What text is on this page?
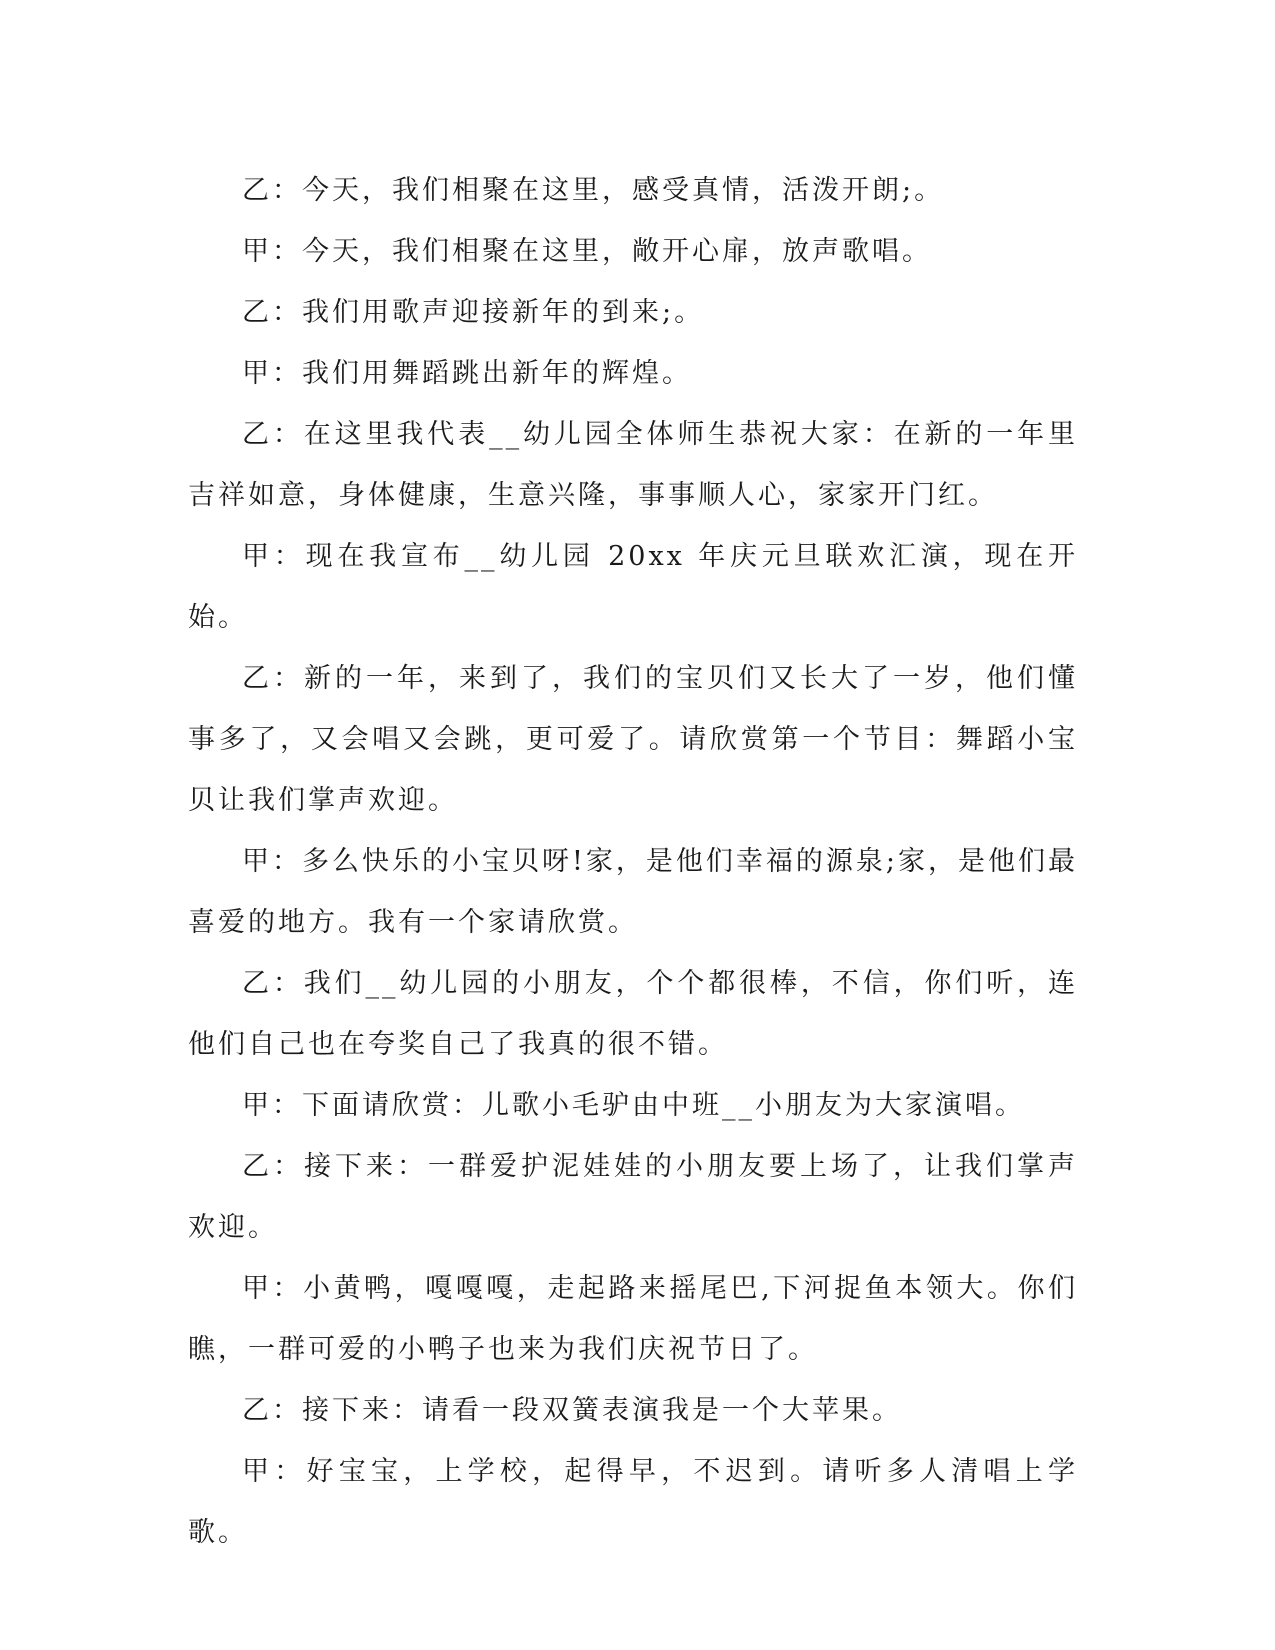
乙：今天，我们相聚在这里，感受真情，活泼开朗;。

甲：今天，我们相聚在这里，敞开心扉，放声歌唱。

乙：我们用歌声迎接新年的到来;。

甲：我们用舞蹈跳出新年的辉煌。

乙：在这里我代表__幼儿园全体师生恭祝大家：在新的一年里吉祥如意，身体健康，生意兴隆，事事顺人心，家家开门红。

甲：现在我宣布__幼儿园 20xx 年庆元旦联欢汇演，现在开始。

乙：新的一年，来到了，我们的宝贝们又长大了一岁，他们懂事多了，又会唱又会跳，更可爱了。请欣赏第一个节目：舞蹈小宝贝让我们掌声欢迎。

甲：多么快乐的小宝贝呀!家，是他们幸福的源泉;家，是他们最喜爱的地方。我有一个家请欣赏。

乙：我们__幼儿园的小朋友，个个都很棒，不信，你们听，连他们自己也在夸奖自己了我真的很不错。

甲：下面请欣赏：儿歌小毛驴由中班__小朋友为大家演唱。

乙：接下来：一群爱护泥娃娃的小朋友要上场了，让我们掌声欢迎。

甲：小黄鸭，嘎嘎嘎，走起路来摇尾巴,下河捉鱼本领大。你们瞧，一群可爱的小鸭子也来为我们庆祝节日了。

乙：接下来：请看一段双簧表演我是一个大苹果。

甲：好宝宝，上学校，起得早，不迟到。请听多人清唱上学歌。
